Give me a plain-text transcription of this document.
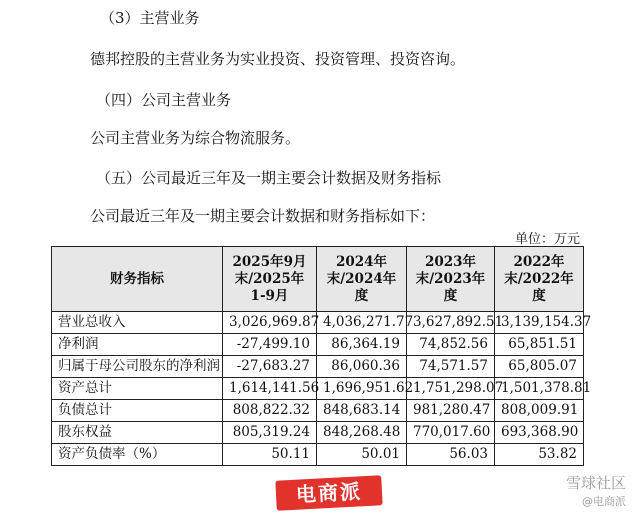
（3）主营业务
德邦控股的主营业务为实业投资、投资管理、投资咨询。
（四）公司主营业务
公司主营业务为综合物流服务。
（五）公司最近三年及一期主要会计数据及财务指标
公司最近三年及一期主要会计数据和财务指标如下：
单位：万元
财务指标	2025年9月末/2025年1-9月	2024年末/2024年度	2023年末/2023年度	2022年末/2022年度
营业总收入	3,026,969.87	4,036,271.77	3,627,892.51	3,139,154.37
净利润	-27,499.10	86,364.19	74,852.56	65,851.51
归属于母公司股东的净利润	-27,683.27	86,060.36	74,571.57	65,805.07
资产总计	1,614,141.56	1,696,951.62	1,751,298.07	1,501,378.81
负债总计	808,822.32	848,683.14	981,280.47	808,009.91
股东权益	805,319.24	848,268.48	770,017.60	693,368.90
资产负债率（%）	50.11	50.01	56.03	53.82
电商派	雪球社区
@电商派
